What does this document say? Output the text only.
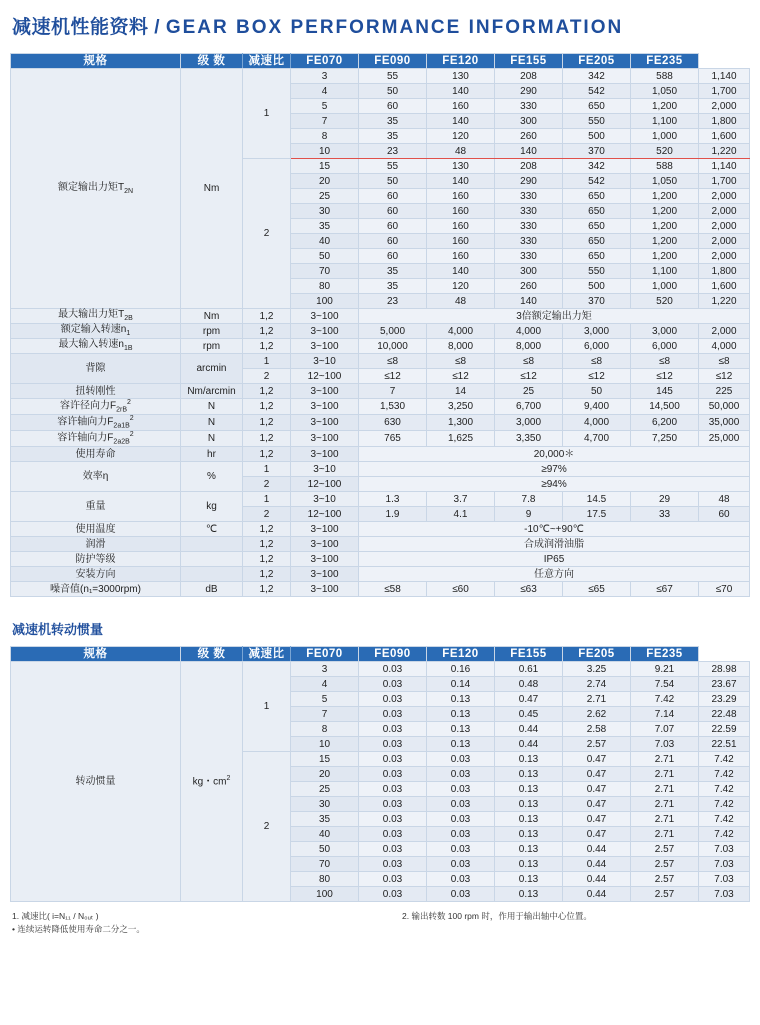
减速机性能资料 / GEAR BOX PERFORMANCE INFORMATION
规格	级 数	减速比	FE070	FE090	FE120	FE155	FE205	FE235	
额定输出力矩$T_{2N}$	Nm	1	3	55	130	208	342	588	1,140
			4	50	140	290	542	1,050	1,700
			5	60	160	330	650	1,200	2,000
			7	35	140	300	550	1,100	1,800
			8	35	120	260	500	1,000	1,600
			10	23	48	140	370	520	1,220
		2	15	55	130	208	342	588	1,140
			20	50	140	290	542	1,050	1,700
			25	60	160	330	650	1,200	2,000
			30	60	160	330	650	1,200	2,000
			35	60	160	330	650	1,200	2,000
			40	60	160	330	650	1,200	2,000
			50	60	160	330	650	1,200	2,000
			70	35	140	300	550	1,100	1,800
			80	35	120	260	500	1,000	1,600
			100	23	48	140	370	520	1,220
最大输出力矩$T_{2B}$	Nm	1,2	3~100	3倍额定输出力矩					
额定输入转速$n_1$	rpm	1,2	3~100	5,000	4,000	4,000	3,000	3,000	2,000
最大输入转速$n_{1B}$	rpm	1,2	3~100	10,000	8,000	8,000	6,000	6,000	4,000
背隙	arcmin	1	3~10	≤8	≤8	≤8	≤8	≤8	≤8
		2	12~100	≤12	≤12	≤12	≤12	≤12	≤12
扭转刚性	Nm/arcmin	1,2	3~100	7	14	25	50	145	225
容许径向力$F_{2rB}^2$	N	1,2	3~100	1,530	3,250	6,700	9,400	14,500	50,000
容许轴向力$F_{2a1B}^2$	N	1,2	3~100	630	1,300	3,000	4,000	6,200	35,000
容许轴向力$F_{2a2B}^2$	N	1,2	3~100	765	1,625	3,350	4,700	7,250	25,000
使用寿命	hr	1,2	3~100	20,000＊					
效率η	%	1	3~10	≥97%					
		2	12~100	≥94%					
重量	kg	1	3~10	1.3	3.7	7.8	14.5	29	48
		2	12~100	1.9	4.1	9	17.5	33	60
使用温度	℃	1,2	3~100	-10℃~+90℃					
润滑		1,2	3~100	合成润滑油脂					
防护等级		1,2	3~100	IP65					
安装方向		1,2	3~100	任意方向					
噪音值(n₁=3000rpm)	dB	1,2	3~100	≤58	≤60	≤63	≤65	≤67	≤70
减速机转动惯量
规格	级 数	减速比	FE070	FE090	FE120	FE155	FE205	FE235	
转动惯量	kg・$cm^2$	1	3	0.03	0.16	0.61	3.25	9.21	28.98
			4	0.03	0.14	0.48	2.74	7.54	23.67
			5	0.03	0.13	0.47	2.71	7.42	23.29
			7	0.03	0.13	0.45	2.62	7.14	22.48
			8	0.03	0.13	0.44	2.58	7.07	22.59
			10	0.03	0.13	0.44	2.57	7.03	22.51
		2	15	0.03	0.03	0.13	0.47	2.71	7.42
			20	0.03	0.03	0.13	0.47	2.71	7.42
			25	0.03	0.03	0.13	0.47	2.71	7.42
			30	0.03	0.03	0.13	0.47	2.71	7.42
			35	0.03	0.03	0.13	0.47	2.71	7.42
			40	0.03	0.03	0.13	0.47	2.71	7.42
			50	0.03	0.03	0.13	0.44	2.57	7.03
			70	0.03	0.03	0.13	0.44	2.57	7.03
			80	0.03	0.03	0.13	0.44	2.57	7.03
			100	0.03	0.03	0.13	0.44	2.57	7.03
1. 减速比( i=N₁₁ / N₀ᵤₜ )
• 连续运转降低使用寿命二分之一。
2. 输出转数 100 rpm 时，作用于输出轴中心位置。
